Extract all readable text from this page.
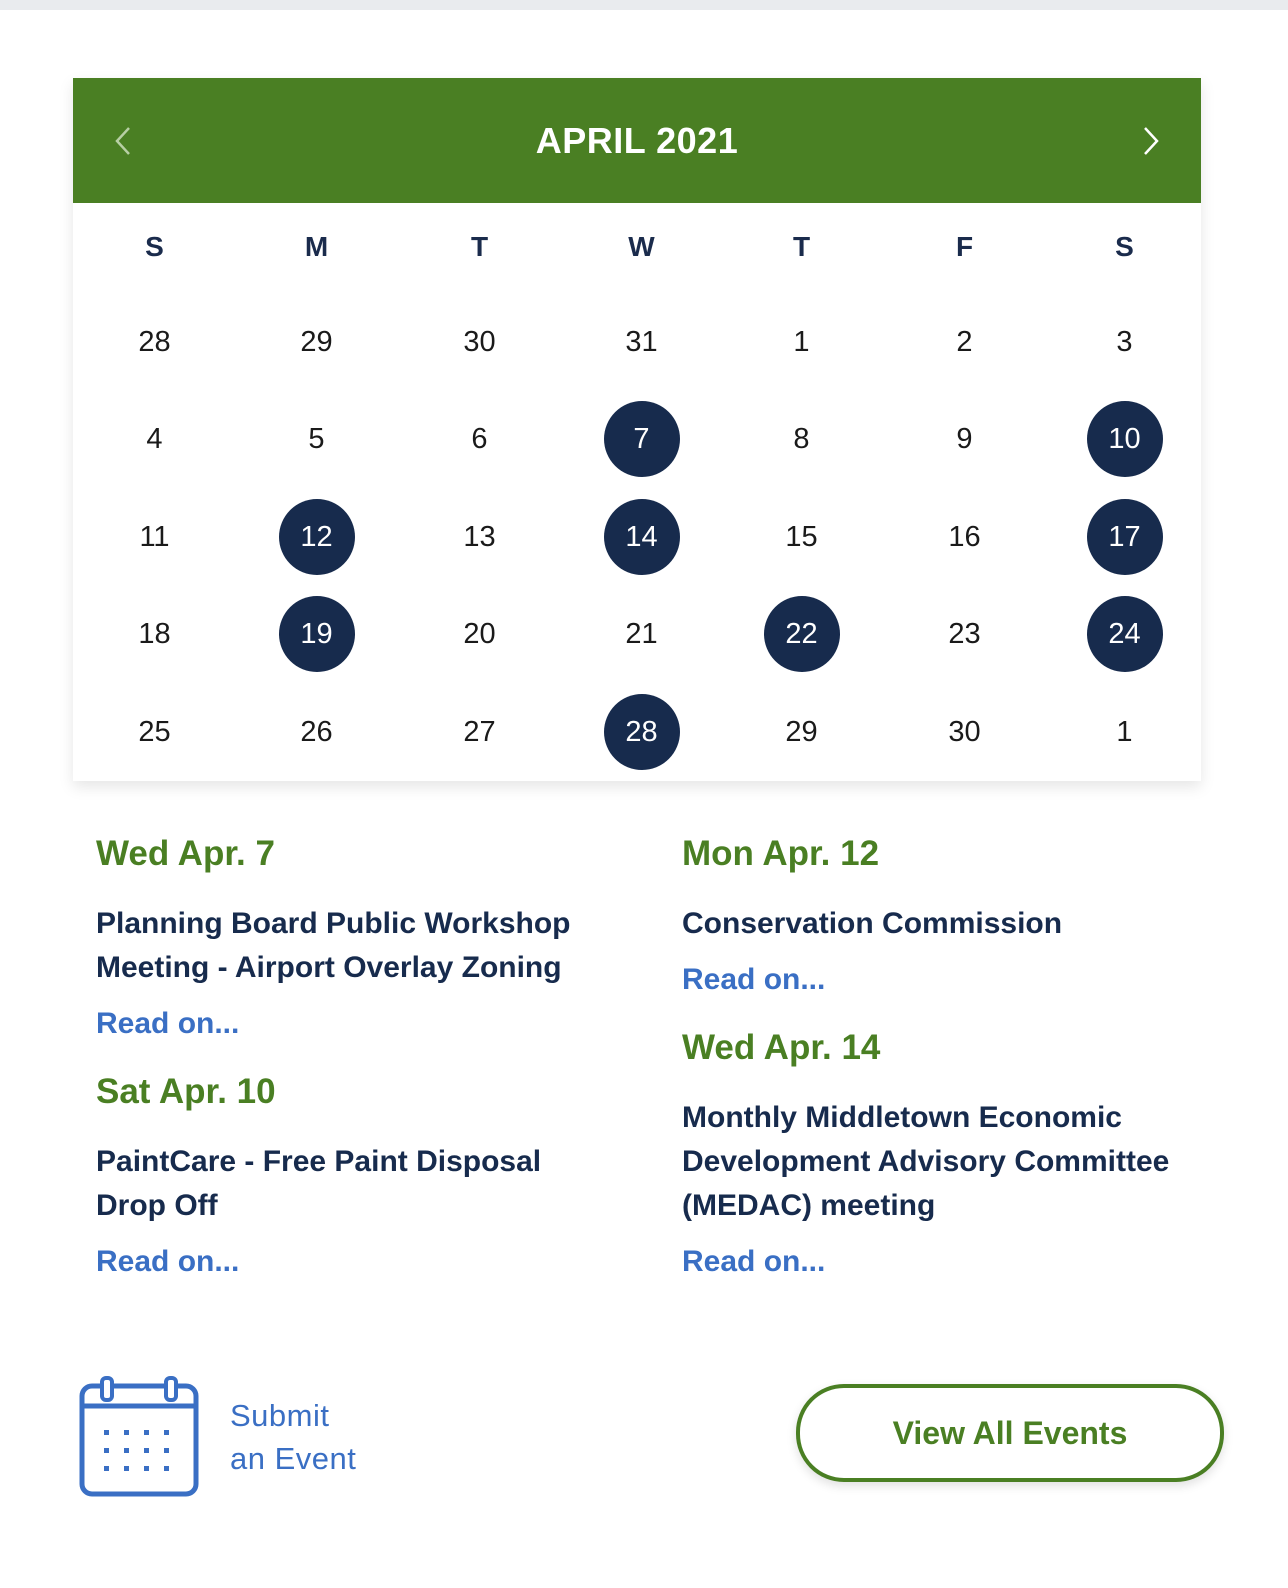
APRIL 2021
S	M	T	W	T	F	S
28	29	30	31	1	2	3
4	5	6	7	8	9	10
11	12	13	14	15	16	17
18	19	20	21	22	23	24
25	26	27	28	29	30	1
Wed Apr. 7
Planning Board Public Workshop Meeting - Airport Overlay Zoning
Read on...
Sat Apr. 10
PaintCare - Free Paint Disposal Drop Off
Read on...
Mon Apr. 12
Conservation Commission
Read on...
Wed Apr. 14
Monthly Middletown Economic Development Advisory Committee (MEDAC) meeting
Read on...
Submit
an Event
View All Events
